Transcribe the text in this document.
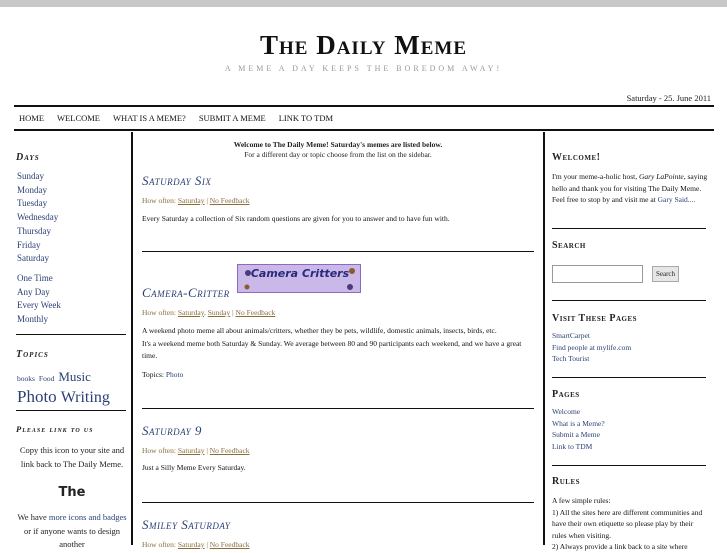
The Daily Meme
A MEME A DAY KEEPS THE BOREDOM AWAY!
Saturday - 25. June 2011
HOME WELCOME WHAT IS A MEME? SUBMIT A MEME LINK TO TDM
Days
Sunday
Monday
Tuesday
Wednesday
Thursday
Friday
Saturday
One Time
Any Day
Every Week
Monthly
Topics
books Food Music
Photo Writing
Please link to us
Copy this icon to your site and link back to The Daily Meme.
The
We have more icons and badges or if anyone wants to design another
Welcome to The Daily Meme! Saturday's memes are listed below.
For a different day or topic choose from the list on the sidebar.
Saturday Six
How often: Saturday | No Feedback
Every Saturday a collection of Six random questions are given for you to answer and to have fun with.
Camera Critters
Camera-Critter
How often: Saturday, Sunday | No Feedback
A weekend photo meme all about animals/critters, whether they be pets, wildlife, domestic animals, insects, birds, etc.
It's a weekend meme both Saturday & Sunday. We average between 80 and 90 participants each weekend, and we have a great time.
Topics: Photo
Saturday 9
How often: Saturday | No Feedback
Just a Silly Meme Every Saturday.
Smiley Saturday
How often: Saturday | No Feedback
Welcome!
I'm your meme-a-holic host, Gary LaPointe, saying hello and thank you for visiting The Daily Meme. Feel free to stop by and visit me at Gary Said....
Search
Search
Visit These Pages
SmartCarpet
Find people at mylife.com
Tech Tourist
Pages
Welcome
What is a Meme?
Submit a Meme
Link to TDM
Rules
A few simple rules:
1) All the sites here are different communities and have their own etiquette so please play by their rules when visiting.
2) Always provide a link back to a site where
